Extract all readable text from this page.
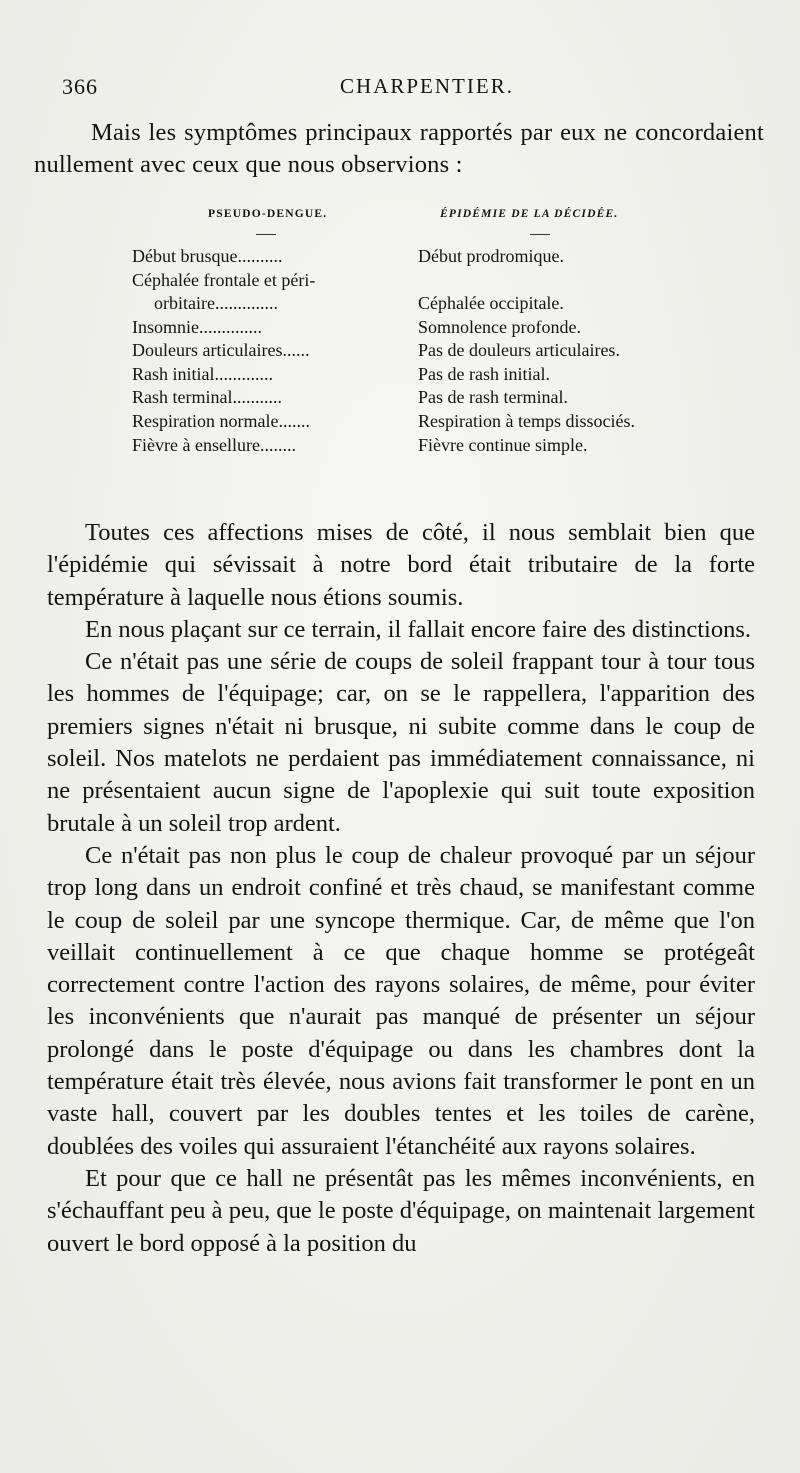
366	CHARPENTIER.
Mais les symptômes principaux rapportés par eux ne concordaient nullement avec ceux que nous observions :
PSEUDO-DENGUE.	ÉPIDÉMIE DE LA DÉCIDÉE.
Début brusque..........	Début prodromique.
Céphalée frontale et péri-
orbitaire..............	Céphalée occipitale.
Insomnie..............	Somnolence profonde.
Douleurs articulaires......	Pas de douleurs articulaires.
Rash initial.............	Pas de rash initial.
Rash terminal...........	Pas de rash terminal.
Respiration normale.......	Respiration à temps dissociés.
Fièvre à ensellure........	Fièvre continue simple.

Toutes ces affections mises de côté, il nous semblait bien que l'épidémie qui sévissait à notre bord était tributaire de la forte température à laquelle nous étions soumis.

En nous plaçant sur ce terrain, il fallait encore faire des distinctions.

Ce n'était pas une série de coups de soleil frappant tour à tour tous les hommes de l'équipage; car, on se le rappellera, l'apparition des premiers signes n'était ni brusque, ni subite comme dans le coup de soleil. Nos matelots ne perdaient pas immédiatement connaissance, ni ne présentaient aucun signe de l'apoplexie qui suit toute exposition brutale à un soleil trop ardent.

Ce n'était pas non plus le coup de chaleur provoqué par un séjour trop long dans un endroit confiné et très chaud, se manifestant comme le coup de soleil par une syncope thermique. Car, de même que l'on veillait continuellement à ce que chaque homme se protégeât correctement contre l'action des rayons solaires, de même, pour éviter les inconvénients que n'aurait pas manqué de présenter un séjour prolongé dans le poste d'équipage ou dans les chambres dont la température était très élevée, nous avions fait transformer le pont en un vaste hall, couvert par les doubles tentes et les toiles de carène, doublées des voiles qui assuraient l'étanchéité aux rayons solaires.

Et pour que ce hall ne présentât pas les mêmes inconvénients, en s'échauffant peu à peu, que le poste d'équipage, on maintenait largement ouvert le bord opposé à la position du
